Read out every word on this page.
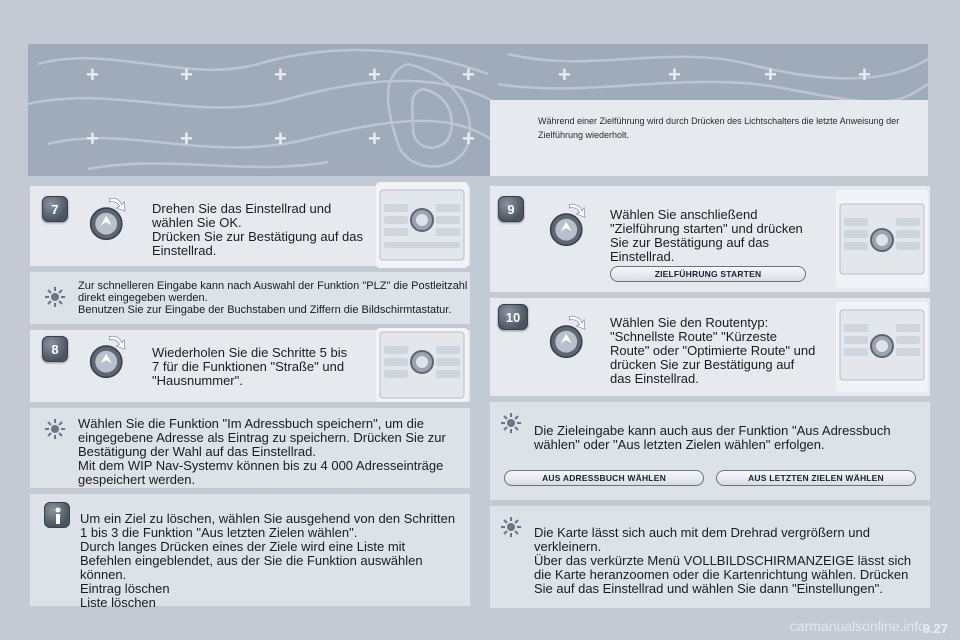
+	+	+	+	+	+	+	+	+
+	+	+	+	+
Während einer Zielführung wird durch Drücken des Lichtschalters die letzte Anweisung der Zielführung wiederholt.
7	Drehen Sie das Einstellrad und wählen Sie OK.
Drücken Sie zur Bestätigung auf das Einstellrad.
Zur schnelleren Eingabe kann nach Auswahl der Funktion "PLZ" die Postleitzahl direkt eingegeben werden.
Benutzen Sie zur Eingabe der Buchstaben und Ziffern die Bildschirmtastatur.
8	Wiederholen Sie die Schritte 5 bis 7 für die Funktionen "Straße" und "Hausnummer".
Wählen Sie die Funktion "Im Adressbuch speichern", um die eingegebene Adresse als Eintrag zu speichern. Drücken Sie zur Bestätigung der Wahl auf das Einstellrad.
Mit dem WIP Nav-Systemv können bis zu 4 000 Adresseinträge gespeichert werden.
Um ein Ziel zu löschen, wählen Sie ausgehend von den Schritten 1 bis 3 die Funktion "Aus letzten Zielen wählen".
Durch langes Drücken eines der Ziele wird eine Liste mit Befehlen eingeblendet, aus der Sie die Funktion auswählen können.
Eintrag löschen
Liste löschen
9	Wählen Sie anschließend "Zielführung starten" und drücken Sie zur Bestätigung auf das Einstellrad.
ZIELFÜHRUNG STARTEN
10	Wählen Sie den Routentyp: "Schnellste Route" "Kürzeste Route" oder "Optimierte Route" und drücken Sie zur Bestätigung auf das Einstellrad.
Die Zieleingabe kann auch aus der Funktion "Aus Adressbuch wählen" oder "Aus letzten Zielen wählen" erfolgen.
AUS ADRESSBUCH WÄHLEN	AUS LETZTEN ZIELEN WÄHLEN
Die Karte lässt sich auch mit dem Drehrad vergrößern und verkleinern.
Über das verkürzte Menü VOLLBILDSCHIRMANZEIGE lässt sich die Karte heranzoomen oder die Kartenrichtung wählen. Drücken Sie auf das Einstellrad und wählen Sie dann "Einstellungen".
carmanualsonline.info
9.27
